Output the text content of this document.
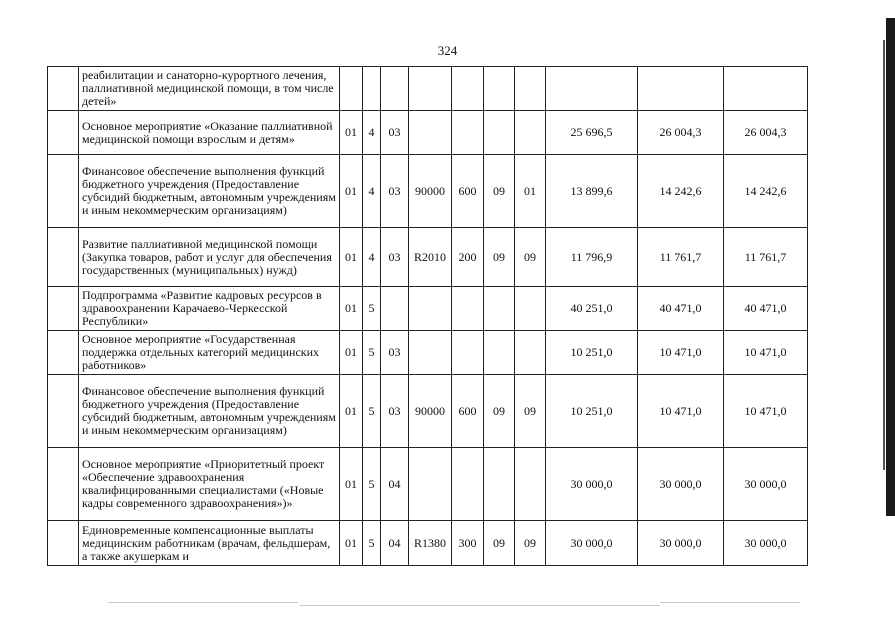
324
	реабилитации и санаторно-курортного лечения, паллиативной медицинской помощи, в том числе детей»										
	Основное мероприятие «Оказание паллиативной медицинской помощи взрослым и детям»	01	4	03					25 696,5	26 004,3	26 004,3
	Финансовое обеспечение выполнения функций бюджетного учреждения (Предоставление субсидий бюджетным, автономным учреждениям и иным некоммерческим организациям)	01	4	03	90000	600	09	01	13 899,6	14 242,6	14 242,6
	Развитие паллиативной медицинской помощи (Закупка товаров, работ и услуг для обеспечения государственных (муниципальных) нужд)	01	4	03	R2010	200	09	09	11 796,9	11 761,7	11 761,7
	Подпрограмма «Развитие кадровых ресурсов в здравоохранении Карачаево-Черкесской Республики»	01	5						40 251,0	40 471,0	40 471,0
	Основное мероприятие «Государственная поддержка отдельных категорий медицинских работников»	01	5	03					10 251,0	10 471,0	10 471,0
	Финансовое обеспечение выполнения функций бюджетного учреждения (Предоставление субсидий бюджетным, автономным учреждениям и иным некоммерческим организациям)	01	5	03	90000	600	09	09	10 251,0	10 471,0	10 471,0
	Основное мероприятие «Приоритетный проект «Обеспечение здравоохранения квалифицированными специалистами («Новые кадры современного здравоохранения»)»	01	5	04					30 000,0	30 000,0	30 000,0
	Единовременные компенсационные выплаты медицинским работникам (врачам, фельдшерам, а также акушеркам и	01	5	04	R1380	300	09	09	30 000,0	30 000,0	30 000,0
